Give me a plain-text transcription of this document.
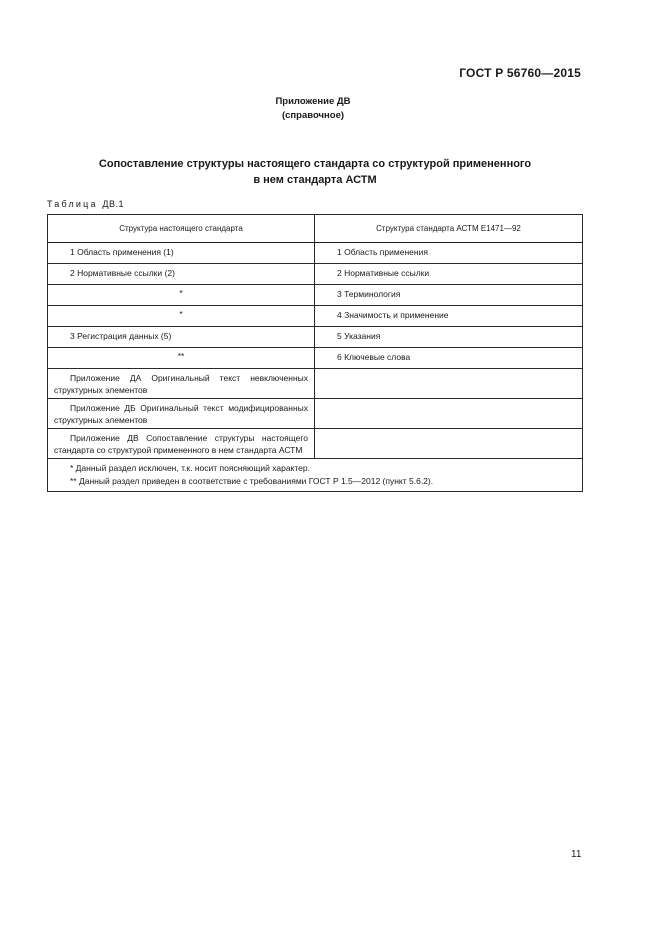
ГОСТ Р 56760—2015
Приложение ДВ
(справочное)
Сопоставление структуры настоящего стандарта со структурой примененного
в нем стандарта АСТМ
Таблица ДВ.1
Структура настоящего стандарта	Структура стандарта АСТМ Е1471—92
1 Область применения (1)	1 Область применения
2 Нормативные ссылки (2)	2 Нормативные ссылки
*	3 Терминология
*	4 Значимость и применение
3 Регистрация данных (5)	5 Указания
**	6 Ключевые слова
Приложение ДА Оригинальный текст невключенных структурных элементов	
Приложение ДБ Оригинальный текст модифицированных структурных элементов	
Приложение ДВ Сопоставление структуры настоящего стандарта со структурой примененного в нем стандарта АСТМ	

* Данный раздел исключен, т.к. носит поясняющий характер.
** Данный раздел приведен в соответствие с требованиями ГОСТ Р 1.5—2012 (пункт 5.6.2).	
11
